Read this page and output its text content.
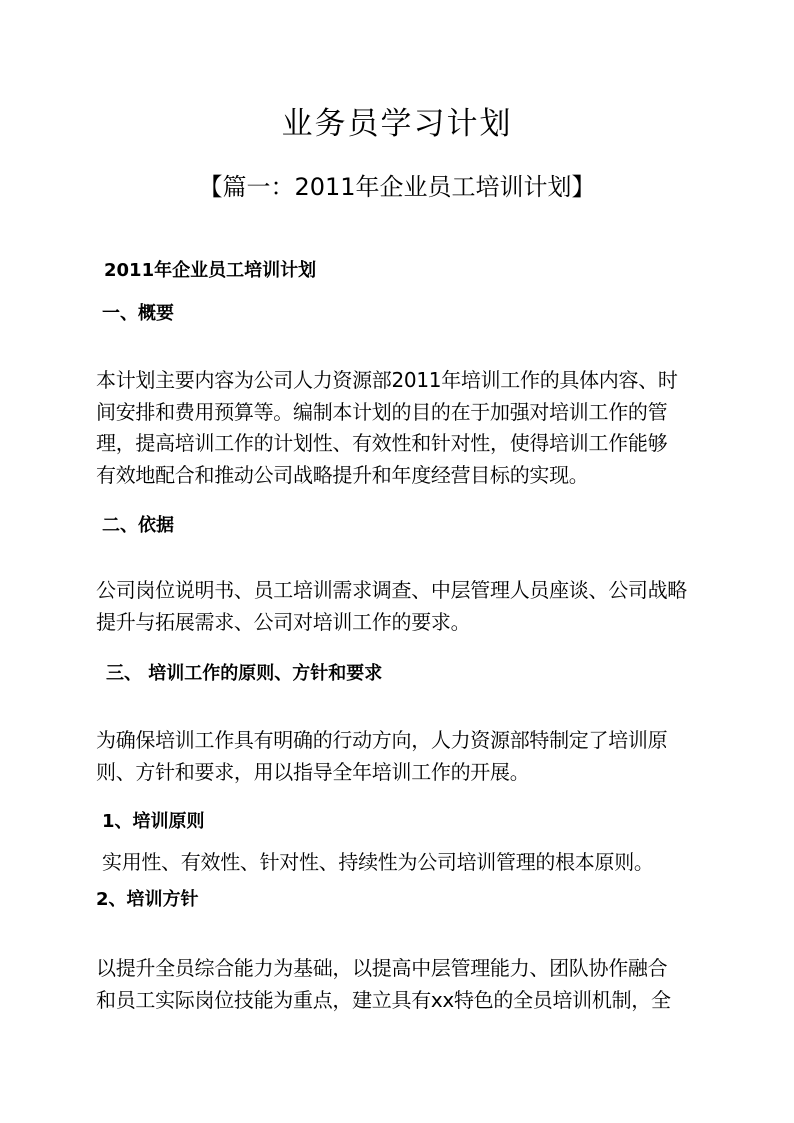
业务员学习计划
【篇一：2011年企业员工培训计划】
2011年企业员工培训计划
一、概要
本计划主要内容为公司人力资源部2011年培训工作的具体内容、时
间安排和费用预算等。编制本计划的目的在于加强对培训工作的管
理，提高培训工作的计划性、有效性和针对性，使得培训工作能够
有效地配合和推动公司战略提升和年度经营目标的实现。
二、依据
公司岗位说明书、员工培训需求调查、中层管理人员座谈、公司战略
提升与拓展需求、公司对培训工作的要求。
三、 培训工作的原则、方针和要求
为确保培训工作具有明确的行动方向，人力资源部特制定了培训原
则、方针和要求，用以指导全年培训工作的开展。
1、培训原则
实用性、有效性、针对性、持续性为公司培训管理的根本原则。
2、培训方针
以提升全员综合能力为基础，以提高中层管理能力、团队协作融合
和员工实际岗位技能为重点，建立具有xx特色的全员培训机制，全
